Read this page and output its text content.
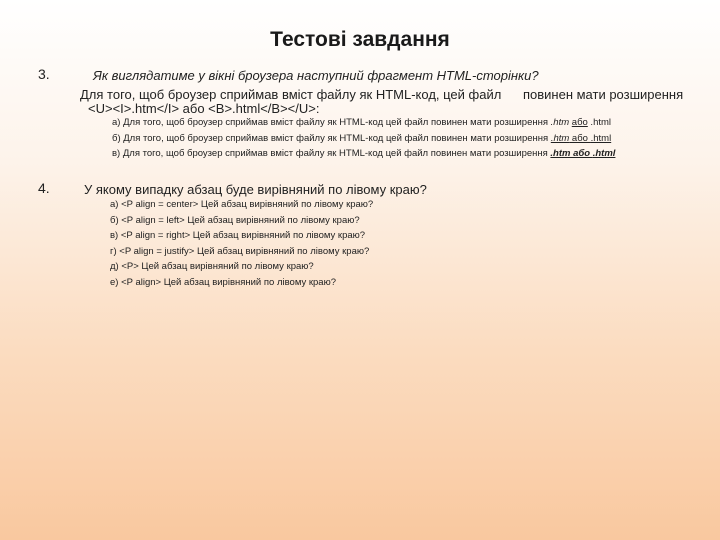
Тестові завдання
3.	Як виглядатиме у вікні броузера наступний фрагмент HTML-сторінки?
Для того, щоб броузер сприймав вміст файлу як HTML-код, цей файл      повинен мати розширення
<U><I>.htm</I> або <B>.html</B></U>:
а) Для того, щоб броузер сприймав вміст файлу як HTML-код цей файл повинен мати розширення .htm або .html
б) Для того, щоб броузер сприймав вміст файлу як HTML-код цей файл повинен мати розширення .htm або .html
в) Для того, щоб броузер сприймав вміст файлу як HTML-код цей файл повинен мати розширення .htm або .html
4.	У якому випадку абзац буде вирівняний по лівому краю?
а) <P align = center> Цей абзац вирівняний по лівому краю?
б) <P align = left> Цей абзац вирівняний по лівому краю?
в) <P align = right> Цей абзац вирівняний по лівому краю?
г) <P align = justify> Цей абзац вирівняний по лівому краю?
д) <P> Цей абзац вирівняний по лівому краю?
е) <P align> Цей абзац вирівняний по лівому краю?
